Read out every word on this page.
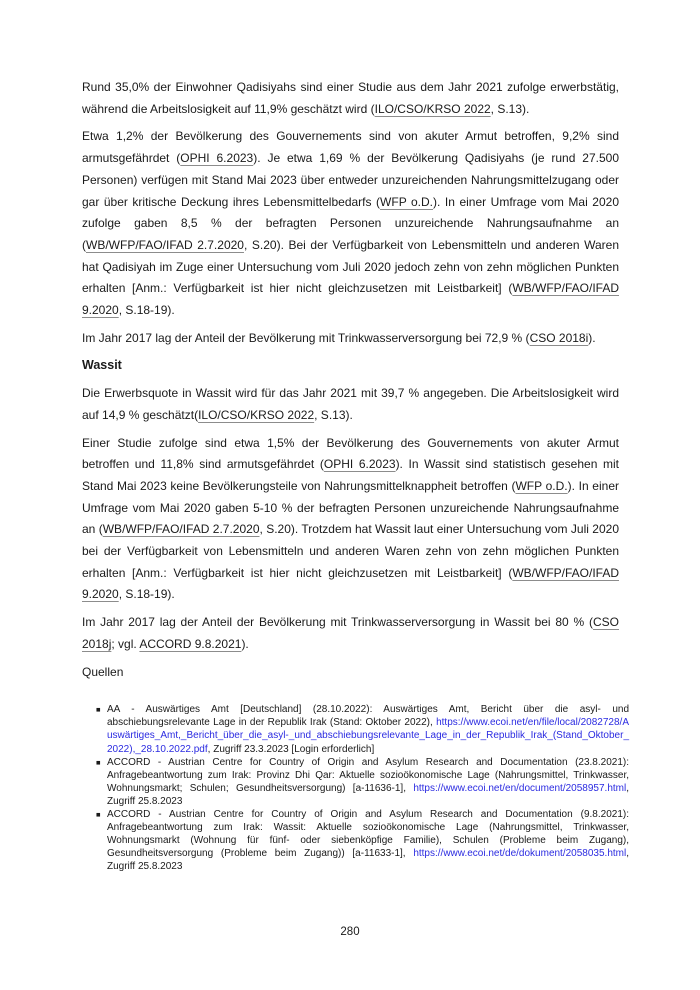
Rund 35,0% der Einwohner Qadisiyahs sind einer Studie aus dem Jahr 2021 zufolge erwerbstätig, während die Arbeitslosigkeit auf 11,9% geschätzt wird (ILO/CSO/KRSO 2022, S.13).

Etwa 1,2% der Bevölkerung des Gouvernements sind von akuter Armut betroffen, 9,2% sind armutsgefährdet (OPHI 6.2023). Je etwa 1,69 % der Bevölkerung Qadisiyahs (je rund 27.500 Personen) verfügen mit Stand Mai 2023 über entweder unzureichenden Nahrungsmittelzugang oder gar über kritische Deckung ihres Lebensmittelbedarfs (WFP o.D.). In einer Umfrage vom Mai 2020 zufolge gaben 8,5 % der befragten Personen unzureichende Nahrungsaufnahme an (WB/WFP/FAO/IFAD 2.7.2020, S.20). Bei der Verfügbarkeit von Lebensmitteln und anderen Waren hat Qadisiyah im Zuge einer Untersuchung vom Juli 2020 jedoch zehn von zehn möglichen Punkten erhalten [Anm.: Verfügbarkeit ist hier nicht gleichzusetzen mit Leistbarkeit] (WB/WFP/FAO/IFAD 9.2020, S.18-19).

Im Jahr 2017 lag der Anteil der Bevölkerung mit Trinkwasserversorgung bei 72,9 % (CSO 2018i).

Wassit

Die Erwerbsquote in Wassit wird für das Jahr 2021 mit 39,7 % angegeben. Die Arbeitslosigkeit wird auf 14,9 % geschätzt(ILO/CSO/KRSO 2022, S.13).

Einer Studie zufolge sind etwa 1,5% der Bevölkerung des Gouvernements von akuter Armut betroffen und 11,8% sind armutsgefährdet (OPHI 6.2023). In Wassit sind statistisch gesehen mit Stand Mai 2023 keine Bevölkerungsteile von Nahrungsmittelknappheit betroffen (WFP o.D.). In einer Umfrage vom Mai 2020 gaben 5-10 % der befragten Personen unzureichende Nahrungsaufnahme an (WB/WFP/FAO/IFAD 2.7.2020, S.20). Trotzdem hat Wassit laut einer Untersuchung vom Juli 2020 bei der Verfügbarkeit von Lebensmitteln und anderen Waren zehn von zehn möglichen Punkten erhalten [Anm.: Verfügbarkeit ist hier nicht gleichzusetzen mit Leistbarkeit] (WB/WFP/FAO/IFAD 9.2020, S.18-19).

Im Jahr 2017 lag der Anteil der Bevölkerung mit Trinkwasserversorgung in Wassit bei 80 % (CSO 2018j; vgl. ACCORD 9.8.2021).

Quellen

■ AA - Auswärtiges Amt [Deutschland] (28.10.2022): Auswärtiges Amt, Bericht über die asyl- und abschiebungsrelevante Lage in der Republik Irak (Stand: Oktober 2022), https://www.ecoi.net/en/file/local/2082728/Auswärtiges_Amt,_Bericht_über_die_asyl-_und_abschiebungsrelevante_Lage_in_der_Republik_Irak_(Stand_Oktober_2022),_28.10.2022.pdf, Zugriff 23.3.2023 [Login erforderlich]
■ ACCORD - Austrian Centre for Country of Origin and Asylum Research and Documentation (23.8.2021): Anfragebeantwortung zum Irak: Provinz Dhi Qar: Aktuelle sozioökonomische Lage (Nahrungsmittel, Trinkwasser, Wohnungsmarkt; Schulen; Gesundheitsversorgung) [a-11636-1], https://www.ecoi.net/en/document/2058957.html, Zugriff 25.8.2023
■ ACCORD - Austrian Centre for Country of Origin and Asylum Research and Documentation (9.8.2021): Anfragebeantwortung zum Irak: Wassit: Aktuelle sozioökonomische Lage (Nahrungsmittel, Trinkwasser, Wohnungsmarkt (Wohnung für fünf- oder siebenköpfige Familie), Schulen (Probleme beim Zugang), Gesundheitsversorgung (Probleme beim Zugang)) [a-11633-1], https://www.ecoi.net/de/dokument/2058035.html, Zugriff 25.8.2023
280
